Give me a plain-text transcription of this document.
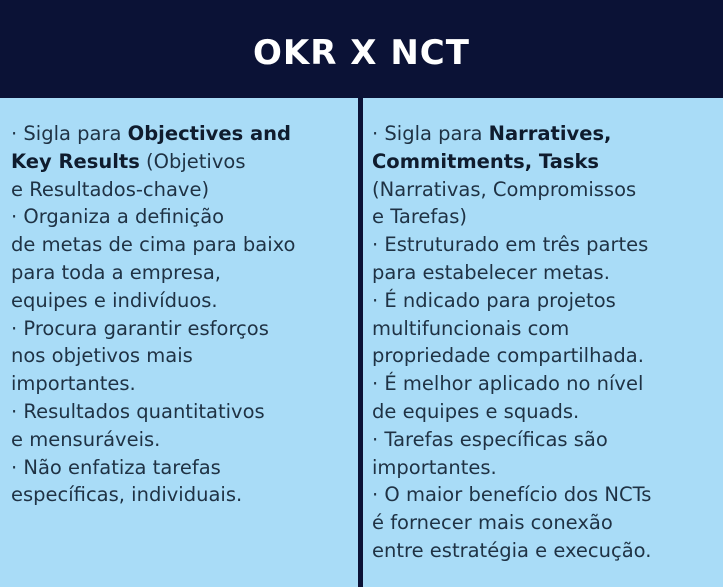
OKR X NCT
· Sigla para Objectives and
Key Results (Objetivos
e Resultados-chave)
· Organiza a definição
de metas de cima para baixo
para toda a empresa,
equipes e indivíduos.
· Procura garantir esforços
nos objetivos mais
importantes.
· Resultados quantitativos
e mensuráveis.
· Não enfatiza tarefas
específicas, individuais.
· Sigla para Narratives,
Commitments, Tasks
(Narrativas, Compromissos
e Tarefas)
· Estruturado em três partes
para estabelecer metas.
· É ndicado para projetos
multifuncionais com
propriedade compartilhada.
· É melhor aplicado no nível
de equipes e squads.
· Tarefas específicas são
importantes.
· O maior benefício dos NCTs
é fornecer mais conexão
entre estratégia e execução.
